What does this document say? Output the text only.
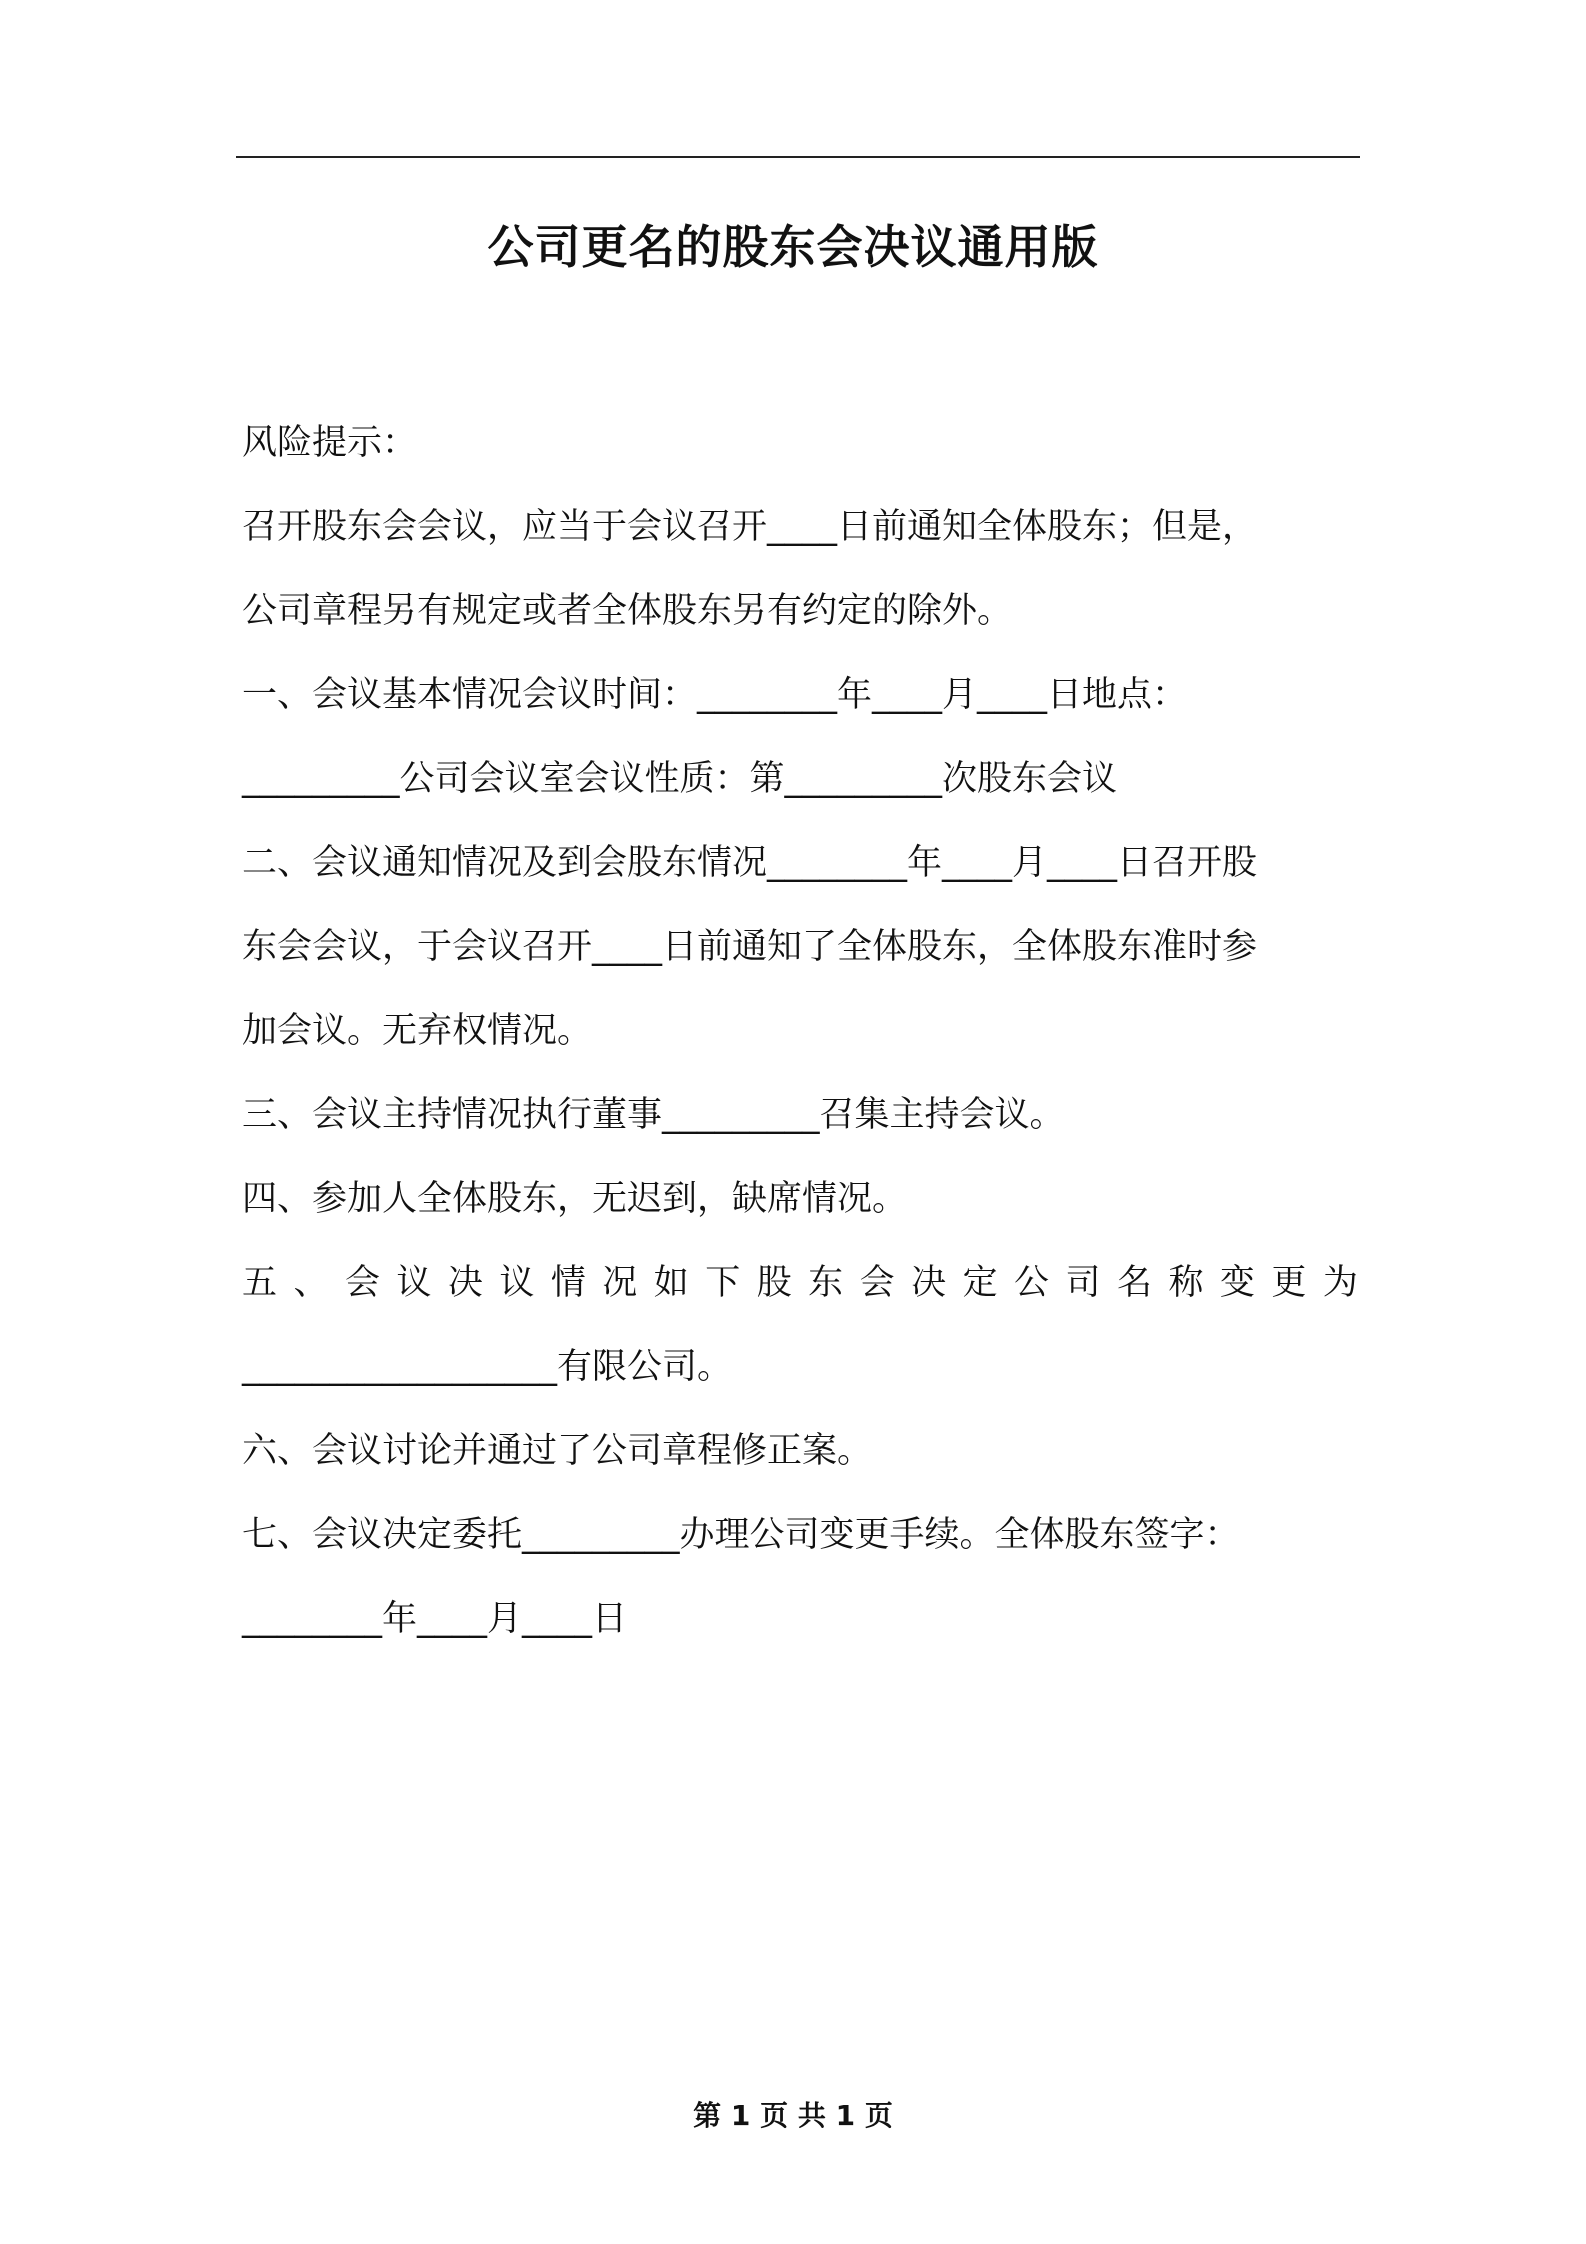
公司更名的股东会决议通用版
风险提示：
召开股东会会议，应当于会议召开____日前通知全体股东；但是，
公司章程另有规定或者全体股东另有约定的除外。
一、会议基本情况会议时间：________年____月____日地点：
_________公司会议室会议性质：第_________次股东会议
二、会议通知情况及到会股东情况________年____月____日召开股
东会会议，于会议召开____日前通知了全体股东，全体股东准时参
加会议。无弃权情况。
三、会议主持情况执行董事_________召集主持会议。
四、参加人全体股东，无迟到，缺席情况。
五 、 会 议 决 议 情 况 如 下 股 东 会 决 定 公 司 名 称 变 更 为
__________________有限公司。
六、会议讨论并通过了公司章程修正案。
七、会议决定委托_________办理公司变更手续。全体股东签字：
________年____月____日
第 1 页 共 1 页
